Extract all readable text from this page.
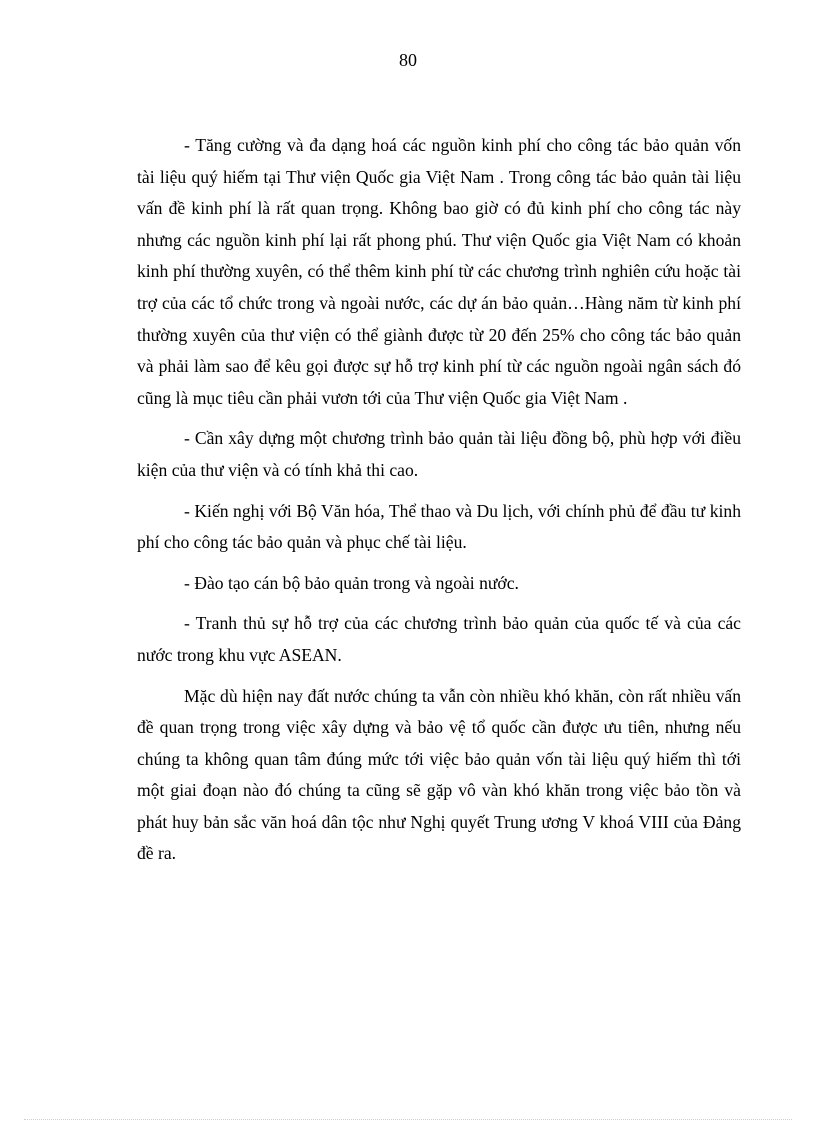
80

- Tăng cường và đa dạng hoá các nguồn kinh phí cho công tác bảo quản vốn tài liệu quý hiếm tại Thư viện Quốc gia Việt Nam . Trong công tác bảo quản tài liệu vấn đề kinh phí là rất quan trọng. Không bao giờ có đủ kinh phí cho công tác này nhưng các nguồn kinh phí lại rất phong phú. Thư viện Quốc gia Việt Nam có khoản kinh phí thường xuyên, có thể thêm kinh phí từ các chương trình nghiên cứu hoặc tài trợ của các tổ chức trong và ngoài nước, các dự án bảo quản…Hàng năm từ kinh phí thường xuyên của thư viện có thể giành được từ 20 đến 25% cho công tác bảo quản và phải làm sao để kêu gọi được sự hỗ trợ kinh phí từ các nguồn ngoài ngân sách đó cũng là mục tiêu cần phải vươn tới của Thư viện Quốc gia Việt Nam .

- Cần xây dựng một chương trình bảo quản tài liệu đồng bộ, phù hợp với điều kiện của thư viện và có tính khả thi cao.

- Kiến nghị với Bộ Văn hóa, Thể thao và Du lịch, với chính phủ để đầu tư kinh phí cho công tác bảo quản và phục chế tài liệu.

- Đào tạo cán bộ bảo quản trong và ngoài nước.

- Tranh thủ sự hỗ trợ của các chương trình bảo quản của quốc tế và của các nước trong khu vực ASEAN.

Mặc dù hiện nay đất nước chúng ta vẫn còn nhiều khó khăn, còn rất nhiều vấn đề quan trọng trong việc xây dựng và bảo vệ tổ quốc cần được ưu tiên, nhưng nếu chúng ta không quan tâm đúng mức tới việc bảo quản vốn tài liệu quý hiếm thì tới một giai đoạn nào đó chúng ta cũng sẽ gặp vô vàn khó khăn trong việc bảo tồn và phát huy bản sắc văn hoá dân tộc như Nghị quyết Trung ương V khoá VIII của Đảng đề ra.
